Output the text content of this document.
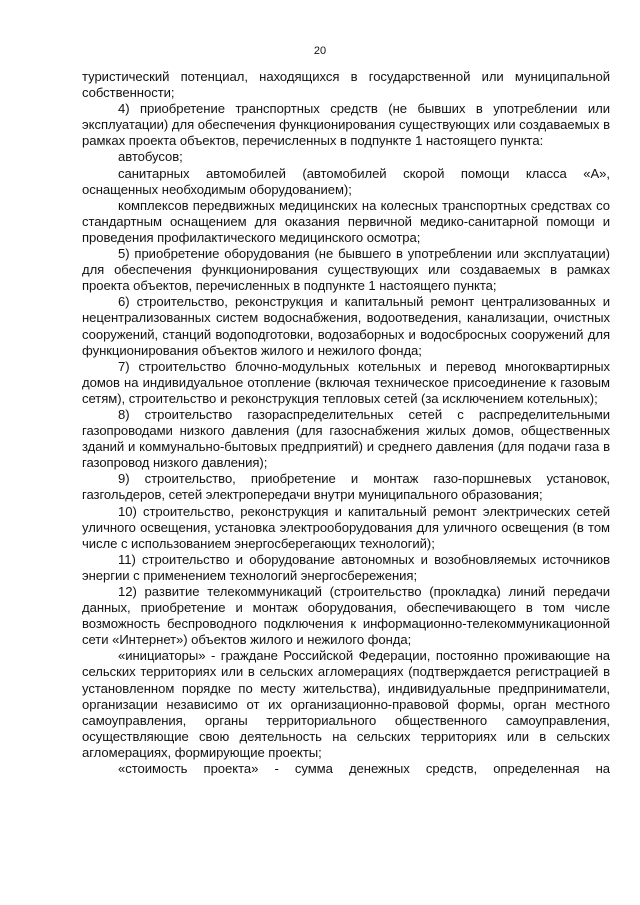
20

туристический потенциал, находящихся в государственной или муниципальной собственности;

4) приобретение транспортных средств (не бывших в употреблении или эксплуатации) для обеспечения функционирования существующих или создаваемых в рамках проекта объектов, перечисленных в подпункте 1 настоящего пункта:

автобусов;

санитарных автомобилей (автомобилей скорой помощи класса «А», оснащенных необходимым оборудованием);

комплексов передвижных медицинских на колесных транспортных средствах со стандартным оснащением для оказания первичной медико-санитарной помощи и проведения профилактического медицинского осмотра;

5) приобретение оборудования (не бывшего в употреблении или эксплуатации) для обеспечения функционирования существующих или создаваемых в рамках проекта объектов, перечисленных в подпункте 1 настоящего пункта;

6) строительство, реконструкция и капитальный ремонт централизованных и нецентрализованных систем водоснабжения, водоотведения, канализации, очистных сооружений, станций водоподготовки, водозаборных и водосбросных сооружений для функционирования объектов жилого и нежилого фонда;

7) строительство блочно-модульных котельных и перевод многоквартирных домов на индивидуальное отопление (включая техническое присоединение к газовым сетям), строительство и реконструкция тепловых сетей (за исключением котельных);

8) строительство газораспределительных сетей с распределительными газопроводами низкого давления (для газоснабжения жилых домов, общественных зданий и коммунально-бытовых предприятий) и среднего давления (для подачи газа в газопровод низкого давления);

9) строительство, приобретение и монтаж газо-поршневых установок, газгольдеров, сетей электропередачи внутри муниципального образования;

10) строительство, реконструкция и капитальный ремонт электрических сетей уличного освещения, установка электрооборудования для уличного освещения (в том числе с использованием энергосберегающих технологий);

11) строительство и оборудование автономных и возобновляемых источников энергии с применением технологий энергосбережения;

12) развитие телекоммуникаций (строительство (прокладка) линий передачи данных, приобретение и монтаж оборудования, обеспечивающего в том числе возможность беспроводного подключения к информационно-телекоммуникационной сети «Интернет») объектов жилого и нежилого фонда;

«инициаторы» - граждане Российской Федерации, постоянно проживающие на сельских территориях или в сельских агломерациях (подтверждается регистрацией в установленном порядке по месту жительства), индивидуальные предприниматели, организации независимо от их организационно-правовой формы, орган местного самоуправления, органы территориального общественного самоуправления, осуществляющие свою деятельность на сельских территориях или в сельских агломерациях, формирующие проекты;

«стоимость проекта» - сумма денежных средств, определенная на
